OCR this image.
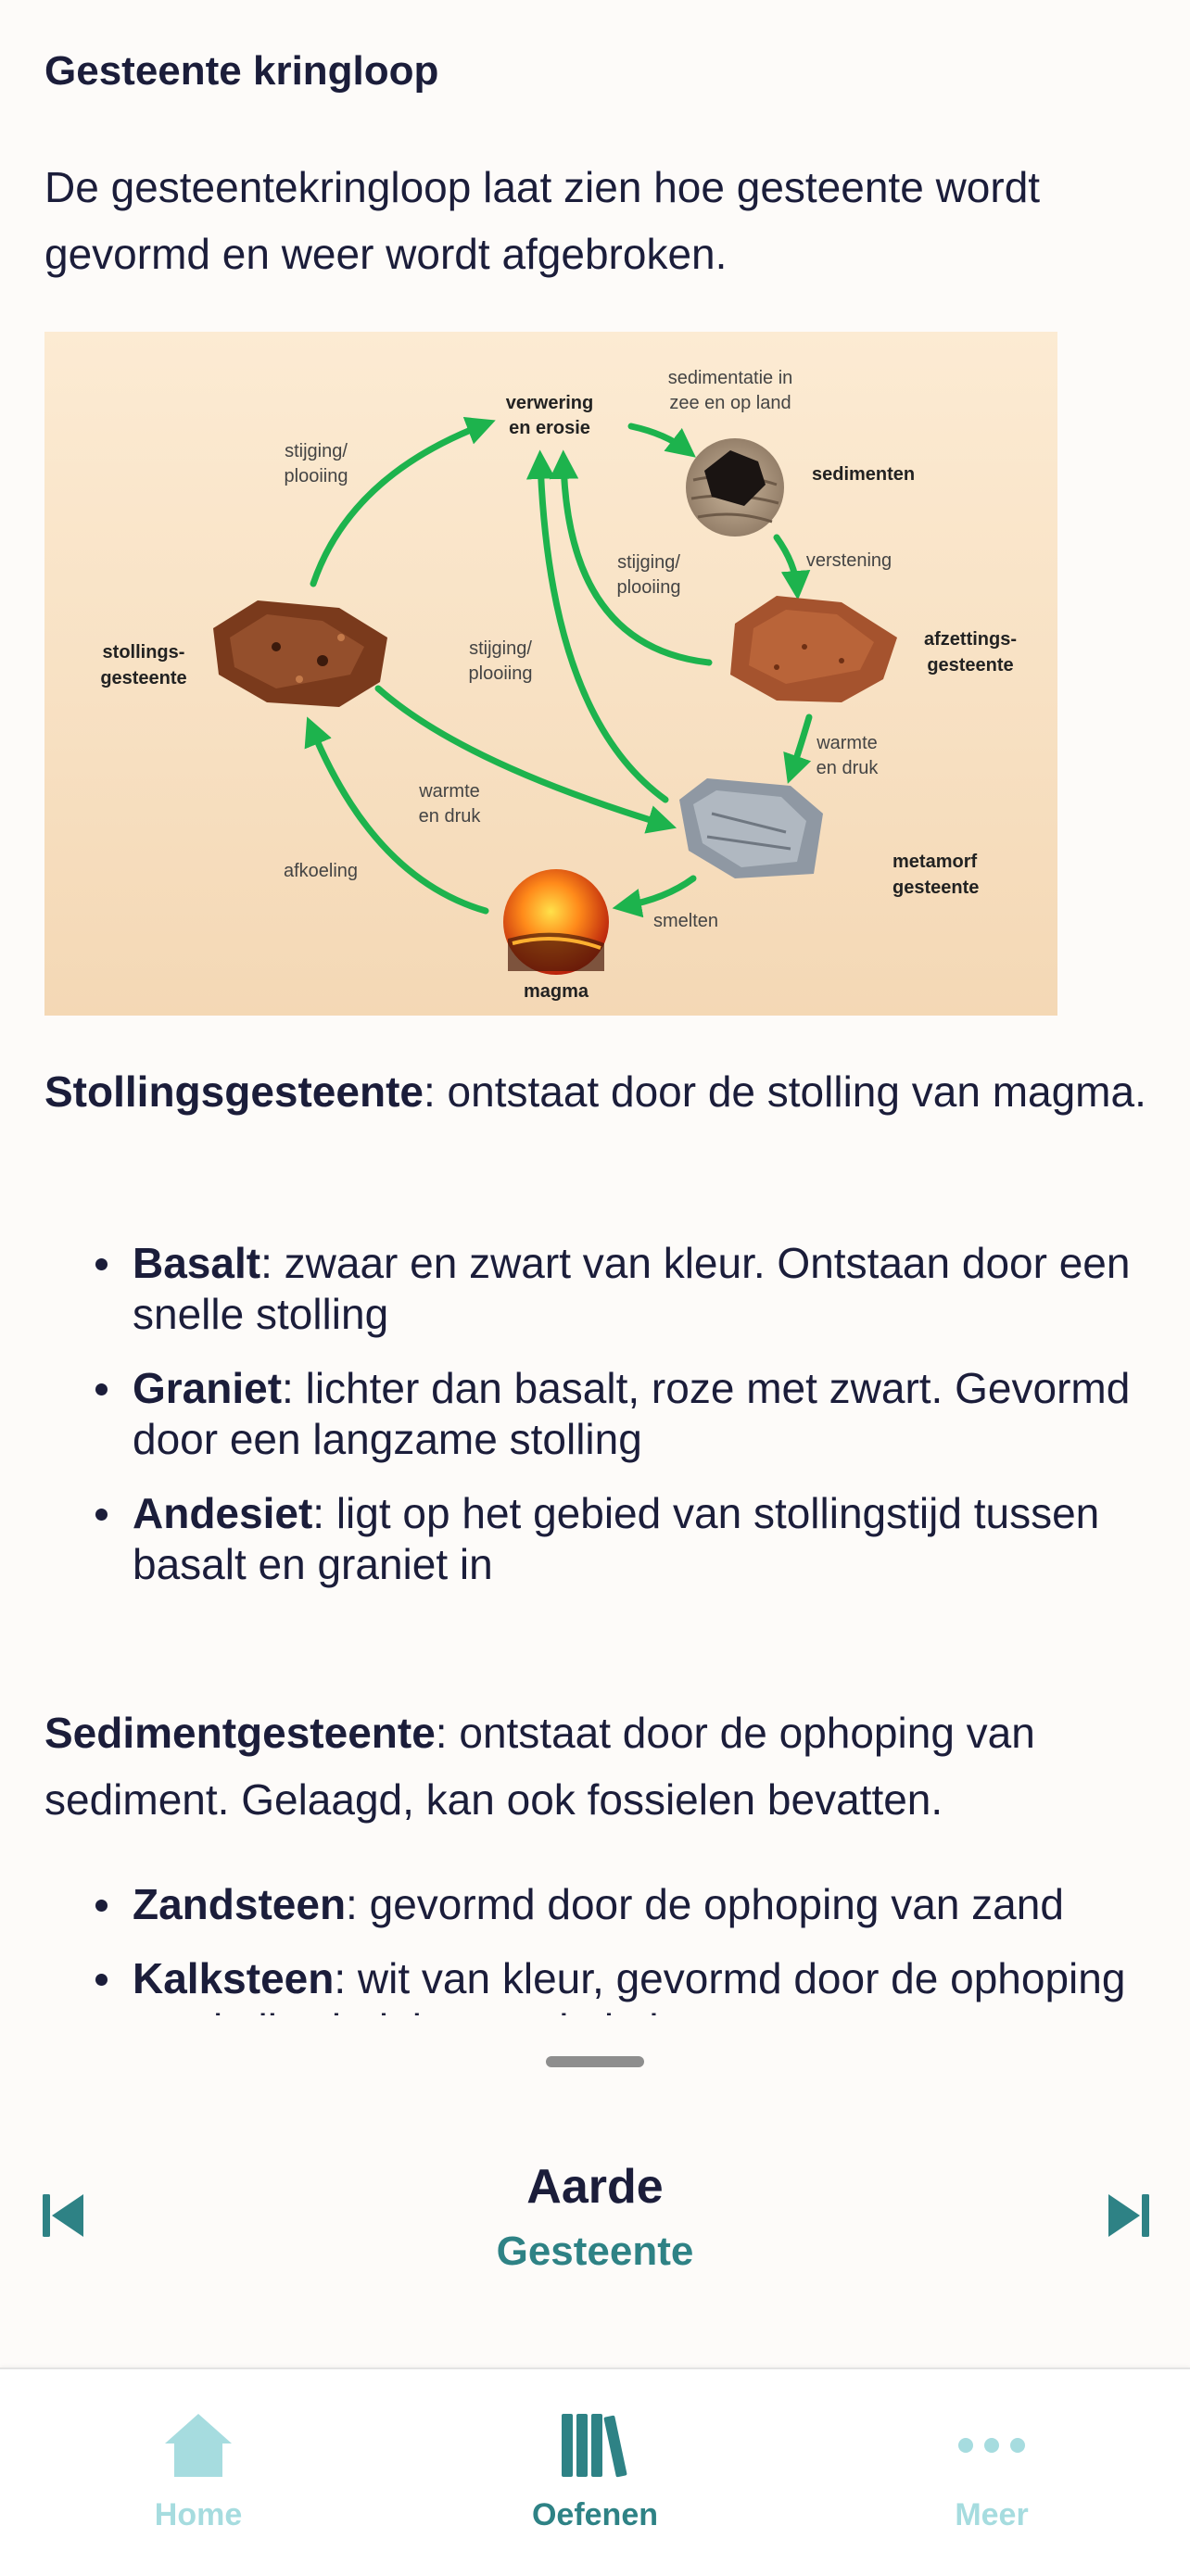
Gesteente kringloop

De gesteentekringloop laat zien hoe gesteente wordt gevormd en weer wordt afgebroken.

verwering
en erosie
sedimentatie in
zee en op land
sedimenten
stijging/
plooiing
stijging/
plooiing
verstening
stollings-
gesteente
stijging/
plooiing
afzettings-
gesteente
warmte
en druk
warmte
en druk
metamorf
gesteente
afkoeling
smelten
magma

Stollingsgesteente: ontstaat door de stolling van magma.

Basalt: zwaar en zwart van kleur. Ontstaan door een snelle stolling
Graniet: lichter dan basalt, roze met zwart. Gevormd door een langzame stolling
Andesiet: ligt op het gebied van stollingstijd tussen basalt en graniet in

Sedimentgesteente: ontstaat door de ophoping van sediment. Gelaagd, kan ook fossielen bevatten.

Zandsteen: gevormd door de ophoping van zand
Kalksteen: wit van kleur, gevormd door de ophoping
Aarde
Gesteente
Home	Oefenen	Meer
